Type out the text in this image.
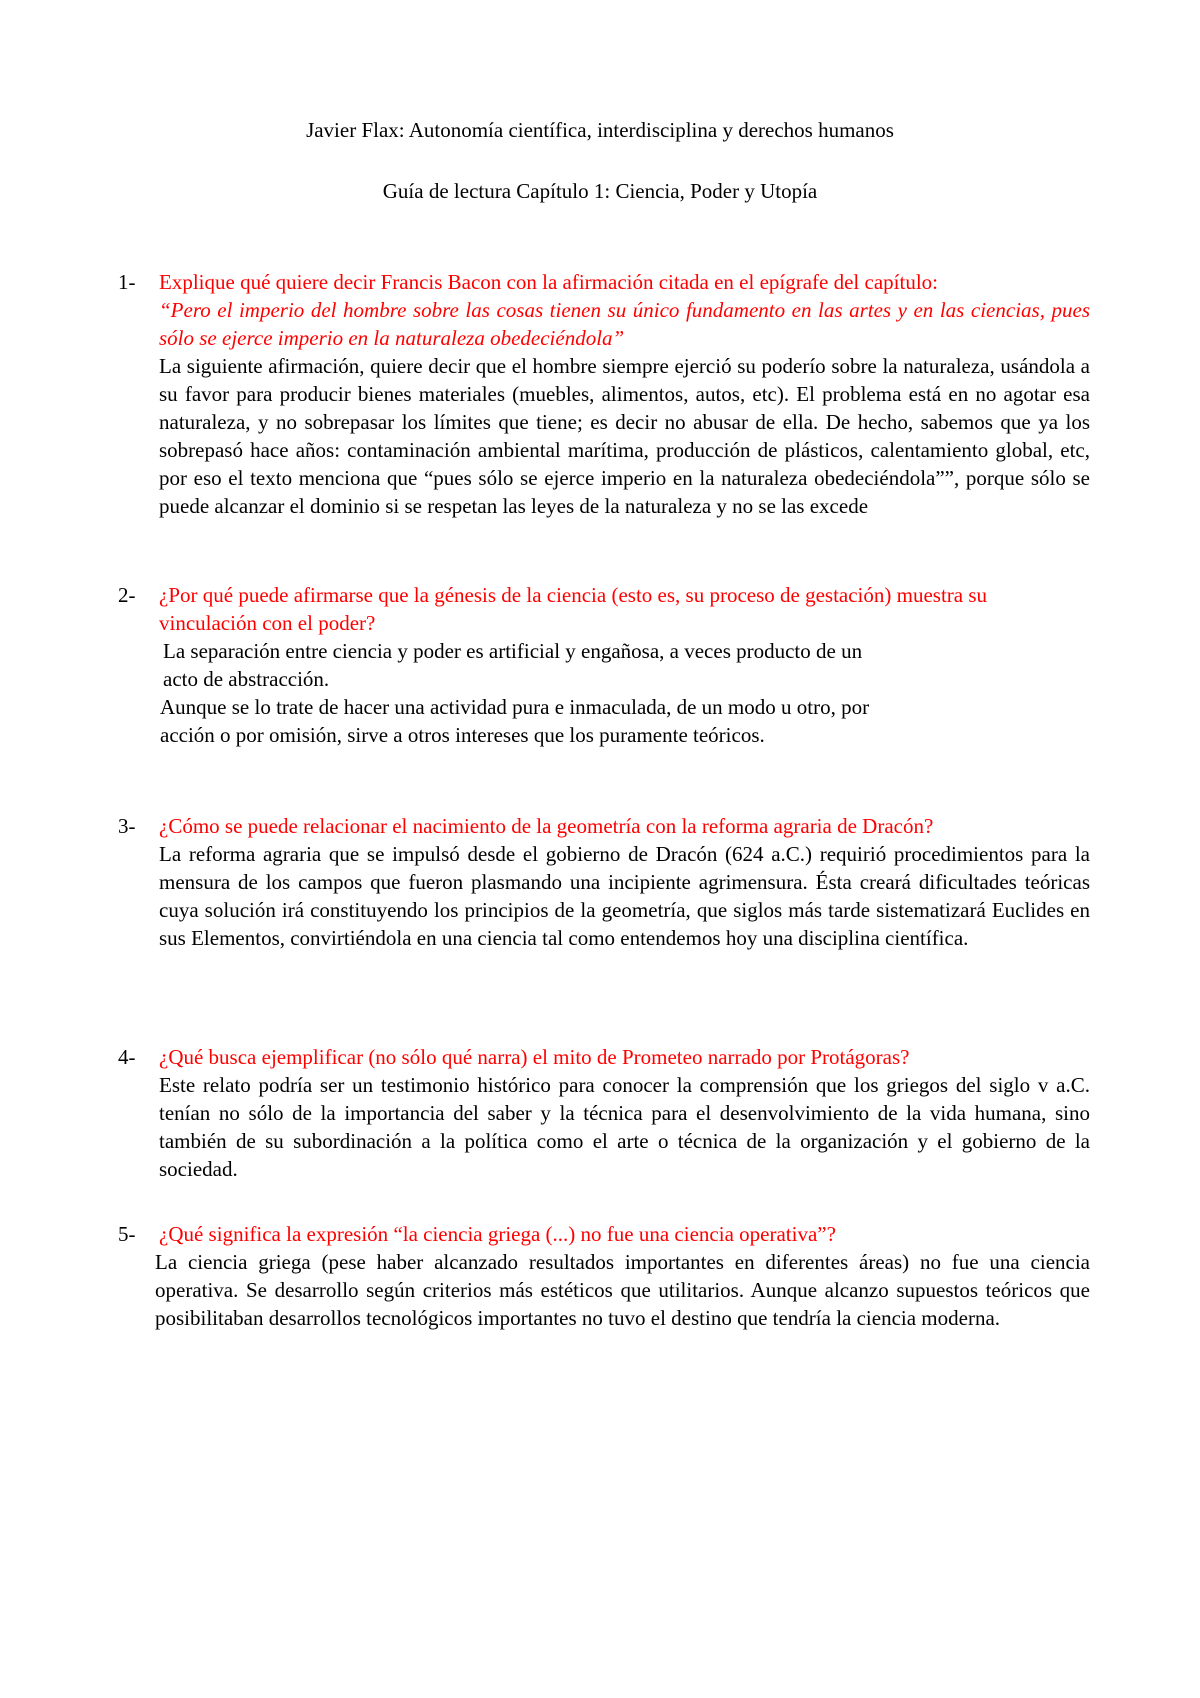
Javier Flax: Autonomía científica, interdisciplina y derechos humanos
Guía de lectura Capítulo 1: Ciencia, Poder y Utopía
1- Explique qué quiere decir Francis Bacon con la afirmación citada en el epígrafe del capítulo:

“Pero el imperio del hombre sobre las cosas tienen su único fundamento en las artes y en las ciencias, pues sólo se ejerce imperio en la naturaleza obedeciéndola”

La siguiente afirmación, quiere decir que el hombre siempre ejerció su poderío sobre la naturaleza, usándola a su favor para producir bienes materiales (muebles, alimentos, autos, etc). El problema está en no agotar esa naturaleza, y no sobrepasar los límites que tiene; es decir no abusar de ella. De hecho, sabemos que ya los sobrepasó hace años: contaminación ambiental marítima, producción de plásticos, calentamiento global, etc, por eso el texto menciona que “pues sólo se ejerce imperio en la naturaleza obedeciéndola””, porque sólo se puede alcanzar el dominio si se respetan las leyes de la naturaleza y no se las excede

2- ¿Por qué puede afirmarse que la génesis de la ciencia (esto es, su proceso de gestación) muestra su vinculación con el poder?

La separación entre ciencia y poder es artificial y engañosa, a veces producto de un

acto de abstracción.

Aunque se lo trate de hacer una actividad pura e inmaculada, de un modo u otro, por

acción o por omisión, sirve a otros intereses que los puramente teóricos.

3- ¿Cómo se puede relacionar el nacimiento de la geometría con la reforma agraria de Dracón?

La reforma agraria que se impulsó desde el gobierno de Dracón (624 a.C.) requirió procedimientos para la mensura de los campos que fueron plasmando una incipiente agrimensura. Ésta creará dificultades teóricas cuya solución irá constituyendo los principios de la geometría, que siglos más tarde sistematizará Euclides en sus Elementos, convirtiéndola en una ciencia tal como entendemos hoy una disciplina científica.

4- ¿Qué busca ejemplificar (no sólo qué narra) el mito de Prometeo narrado por Protágoras?

Este relato podría ser un testimonio histórico para conocer la comprensión que los griegos del siglo v a.C. tenían no sólo de la importancia del saber y la técnica para el desenvolvimiento de la vida humana, sino también de su subordinación a la política como el arte o técnica de la organización y el gobierno de la sociedad.

5- ¿Qué significa la expresión “la ciencia griega (...) no fue una ciencia operativa”?

La ciencia griega (pese haber alcanzado resultados importantes en diferentes áreas) no fue una ciencia operativa. Se desarrollo según criterios más estéticos que utilitarios. Aunque alcanzo supuestos teóricos que posibilitaban desarrollos tecnológicos importantes no tuvo el destino que tendría la ciencia moderna.
